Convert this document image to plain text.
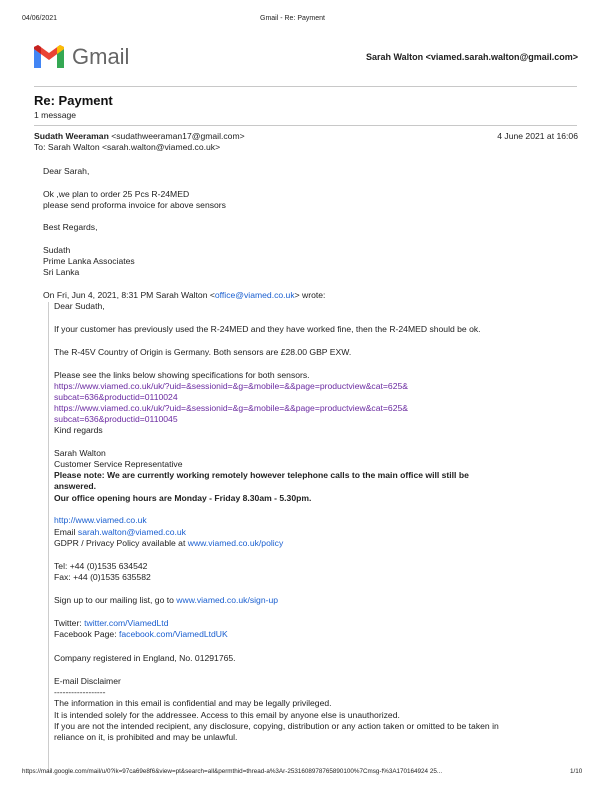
04/06/2021	Gmail - Re: Payment
Gmail	Sarah Walton <viamed.sarah.walton@gmail.com>
Re: Payment
1 message
Sudath Weeraman <sudathweeraman17@gmail.com>	4 June 2021 at 16:06
To: Sarah Walton <sarah.walton@viamed.co.uk>
Dear Sarah,
Ok ,we plan to order 25 Pcs R-24MED
please send proforma invoice for above sensors
Best Regards,
Sudath
Prime Lanka Associates
Sri Lanka
On Fri, Jun 4, 2021, 8:31 PM Sarah Walton <office@viamed.co.uk> wrote:
Dear Sudath,
If your customer has previously used the R-24MED and they have worked fine, then the R-24MED should be ok.
The R-45V Country of Origin is Germany. Both sensors are £28.00 GBP EXW.
Please see the links below showing specifications for both sensors.
https://www.viamed.co.uk/uk/?uid=&sessionid=&g=&mobile=&&page=productview&cat=625&
subcat=636&productid=0110024
https://www.viamed.co.uk/uk/?uid=&sessionid=&g=&mobile=&&page=productview&cat=625&
subcat=636&productid=0110045
Kind regards
Sarah Walton
Customer Service Representative
Please note: We are currently working remotely however telephone calls to the main office will still be
answered.
Our office opening hours are Monday - Friday 8.30am - 5.30pm.
http://www.viamed.co.uk
Email sarah.walton@viamed.co.uk
GDPR / Privacy Policy available at www.viamed.co.uk/policy
Tel: +44 (0)1535 634542
Fax: +44 (0)1535 635582
Sign up to our mailing list, go to www.viamed.co.uk/sign-up
Twitter: twitter.com/ViamedLtd
Facebook Page: facebook.com/ViamedLtdUK
Company registered in England, No. 01291765.
E-mail Disclaimer
------------------
The information in this email is confidential and may be legally privileged.
It is intended solely for the addressee. Access to this email by anyone else is unauthorized.
If you are not the intended recipient, any disclosure, copying, distribution or any action taken or omitted to be taken in
reliance on it, is prohibited and may be unlawful.
https://mail.google.com/mail/u/0?ik=97ca69e8f6&view=pt&search=all&permthid=thread-a%3Ar-2531608978765890100%7Cmsg-f%3A170164924 25...	1/10
